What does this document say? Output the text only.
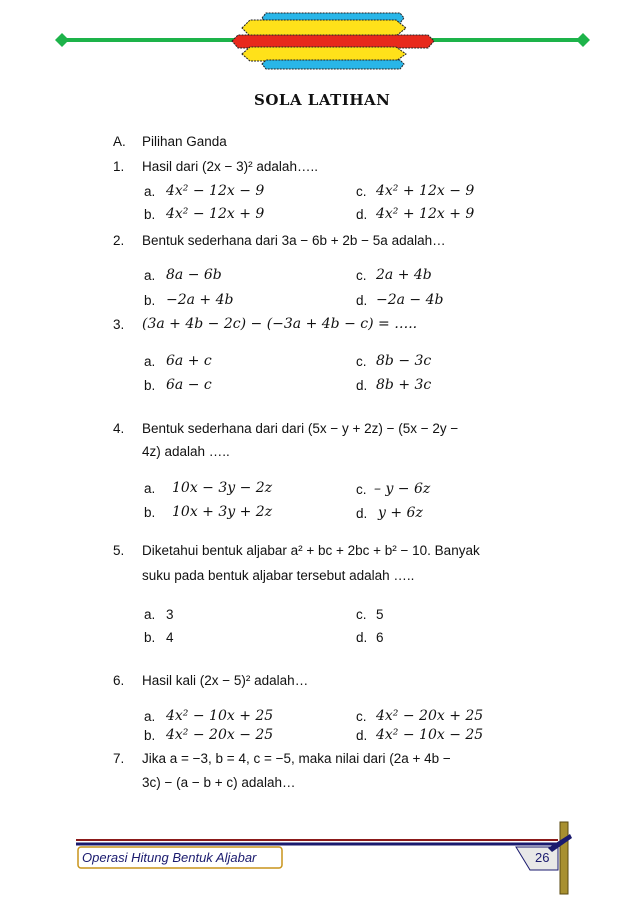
SOLA LATIHAN
A. Pilihan Ganda
1. Hasil dari (2x − 3)² adalah…..
a. 4x² − 12x − 9	c. 4x² + 12x − 9
b. 4x² − 12x + 9	d. 4x² + 12x + 9
2. Bentuk sederhana dari 3a − 6b + 2b − 5a adalah…
a. 8a − 6b	c. 2a + 4b
b. −2a + 4b	d. −2a − 4b
3. (3a + 4b − 2c) − (−3a + 4b − c) = …..
a. 6a + c	c. 8b − 3c
b. 6a − c	d. 8b + 3c
4. Bentuk sederhana dari dari (5x − y + 2z) − (5x − 2y −
4z) adalah …..
a. 10x − 3y − 2z	c. – y − 6z
b. 10x + 3y + 2z	d. y + 6z
5. Diketahui bentuk aljabar a² + bc + 2bc + b² − 10. Banyak
suku pada bentuk aljabar tersebut adalah …..
a. 3	c. 5
b. 4	d. 6
6. Hasil kali (2x − 5)² adalah…
a. 4x² − 10x + 25	c. 4x² − 20x + 25
b. 4x² − 20x − 25	d. 4x² − 10x − 25
7. Jika a = −3, b = 4, c = −5, maka nilai dari (2a + 4b −
3c) − (a − b + c) adalah…
Operasi Hitung Bentuk Aljabar	26
